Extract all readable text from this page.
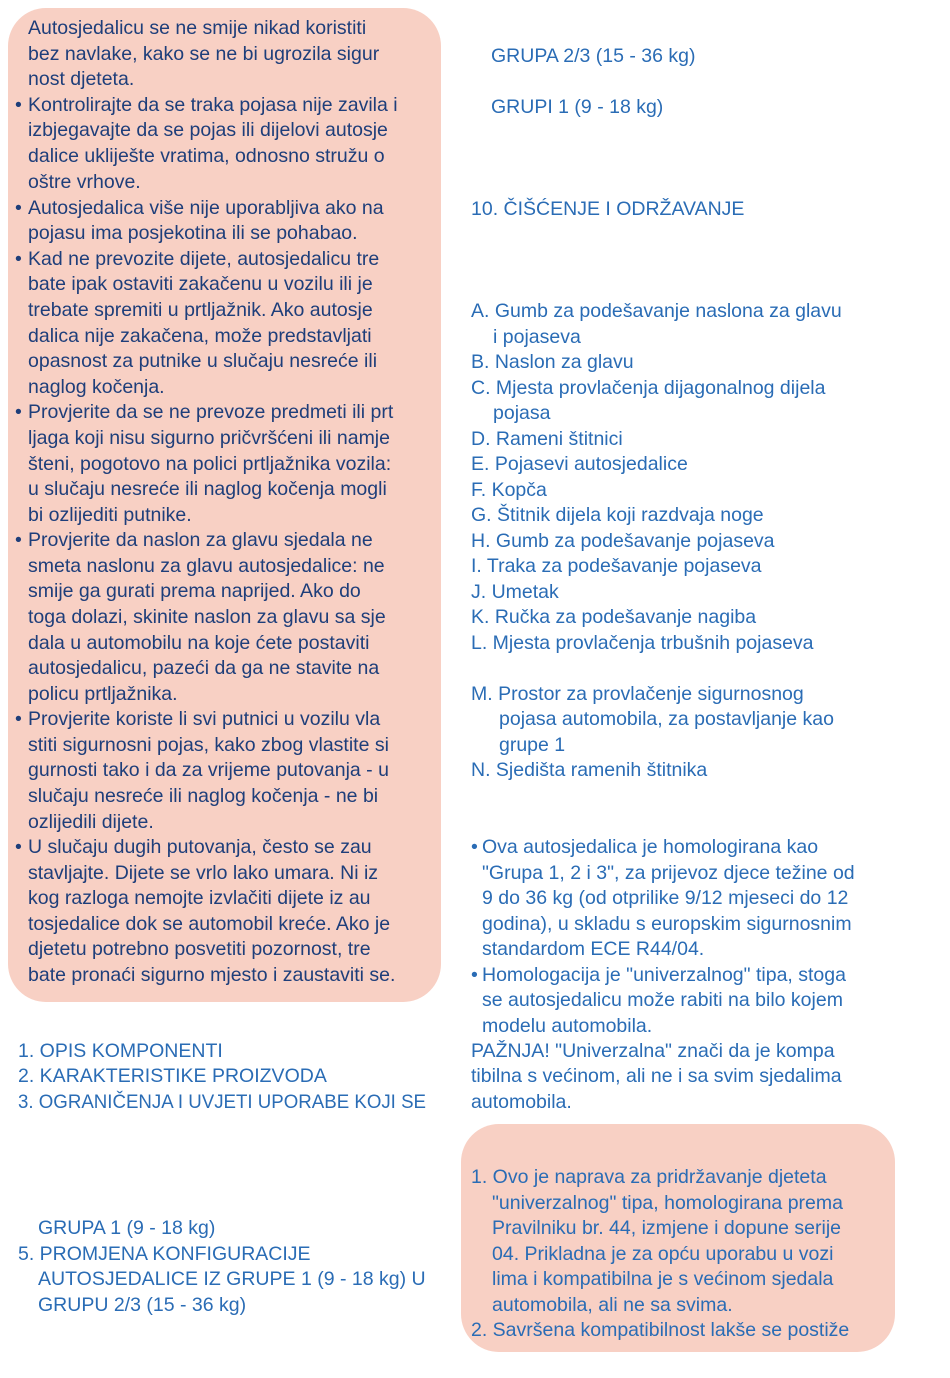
Autosjedalicu se ne smije nikad koristiti
bez navlake, kako se ne bi ugrozila sigur
nost djeteta.
• Kontrolirajte da se traka pojasa nije zavila i
izbjegavajte da se pojas ili dijelovi autosje
dalice ukliješte vratima, odnosno stružu o
oštre vrhove.
• Autosjedalica više nije uporabljiva ako na
pojasu ima posjekotina ili se pohabao.
• Kad ne prevozite dijete, autosjedalicu tre
bate ipak ostaviti zakačenu u vozilu ili je
trebate spremiti u prtljažnik. Ako autosje
dalica nije zakačena, može predstavljati
opasnost za putnike u slučaju nesreće ili
naglog kočenja.
• Provjerite da se ne prevoze predmeti ili prt
ljaga koji nisu sigurno pričvršćeni ili namje
šteni, pogotovo na polici prtljažnika vozila:
u slučaju nesreće ili naglog kočenja mogli
bi ozlijediti putnike.
• Provjerite da naslon za glavu sjedala ne
smeta naslonu za glavu autosjedalice: ne
smije ga gurati prema naprijed. Ako do
toga dolazi, skinite naslon za glavu sa sje
dala u automobilu na koje ćete postaviti
autosjedalicu, pazeći da ga ne stavite na
policu prtljažnika.
• Provjerite koriste li svi putnici u vozilu vla
stiti sigurnosni pojas, kako zbog vlastite si
gurnosti tako i da za vrijeme putovanja - u
slučaju nesreće ili naglog kočenja - ne bi
ozlijedili dijete.
• U slučaju dugih putovanja, često se zau
stavljajte. Dijete se vrlo lako umara. Ni iz
kog razloga nemojte izvlačiti dijete iz au
tosjedalice dok se automobil kreće. Ako je
djetetu potrebno posvetiti pozornost, tre
bate pronaći sigurno mjesto i zaustaviti se.
1. OPIS KOMPONENTI
2. KARAKTERISTIKE PROIZVODA
3. OGRANIČENJA I UVJETI UPORABE KOJI SE
GRUPA 1 (9 - 18 kg)
5. PROMJENA KONFIGURACIJE
AUTOSJEDALICE IZ GRUPE 1 (9 - 18 kg) U
GRUPU 2/3 (15 - 36 kg)
GRUPA 2/3 (15 - 36 kg)
GRUPI 1 (9 - 18 kg)
10. ČIŠĆENJE I ODRŽAVANJE
A. Gumb za podešavanje naslona za glavu
i pojaseva
B. Naslon za glavu
C. Mjesta provlačenja dijagonalnog dijela
pojasa
D. Rameni štitnici
E. Pojasevi autosjedalice
F. Kopča
G. Štitnik dijela koji razdvaja noge
H. Gumb za podešavanje pojaseva
I. Traka za podešavanje pojaseva
J. Umetak
K. Ručka za podešavanje nagiba
L. Mjesta provlačenja trbušnih pojaseva
M. Prostor za provlačenje sigurnosnog
pojasa automobila, za postavljanje kao
grupe 1
N. Sjedišta ramenih štitnika
• Ova autosjedalica je homologirana kao
"Grupa 1, 2 i 3", za prijevoz djece težine od
9 do 36 kg (od otprilike 9/12 mjeseci do 12
godina), u skladu s europskim sigurnosnim
standardom ECE R44/04.
• Homologacija je "univerzalnog" tipa, stoga
se autosjedalicu može rabiti na bilo kojem
modelu automobila.
PAŽNJA! "Univerzalna" znači da je kompa
tibilna s većinom, ali ne i sa svim sjedalima
automobila.
1. Ovo je naprava za pridržavanje djeteta
"univerzalnog" tipa, homologirana prema
Pravilniku br. 44, izmjene i dopune serije
04. Prikladna je za opću uporabu u vozi
lima i kompatibilna je s većinom sjedala
automobila, ali ne sa svima.
2. Savršena kompatibilnost lakše se postiže
